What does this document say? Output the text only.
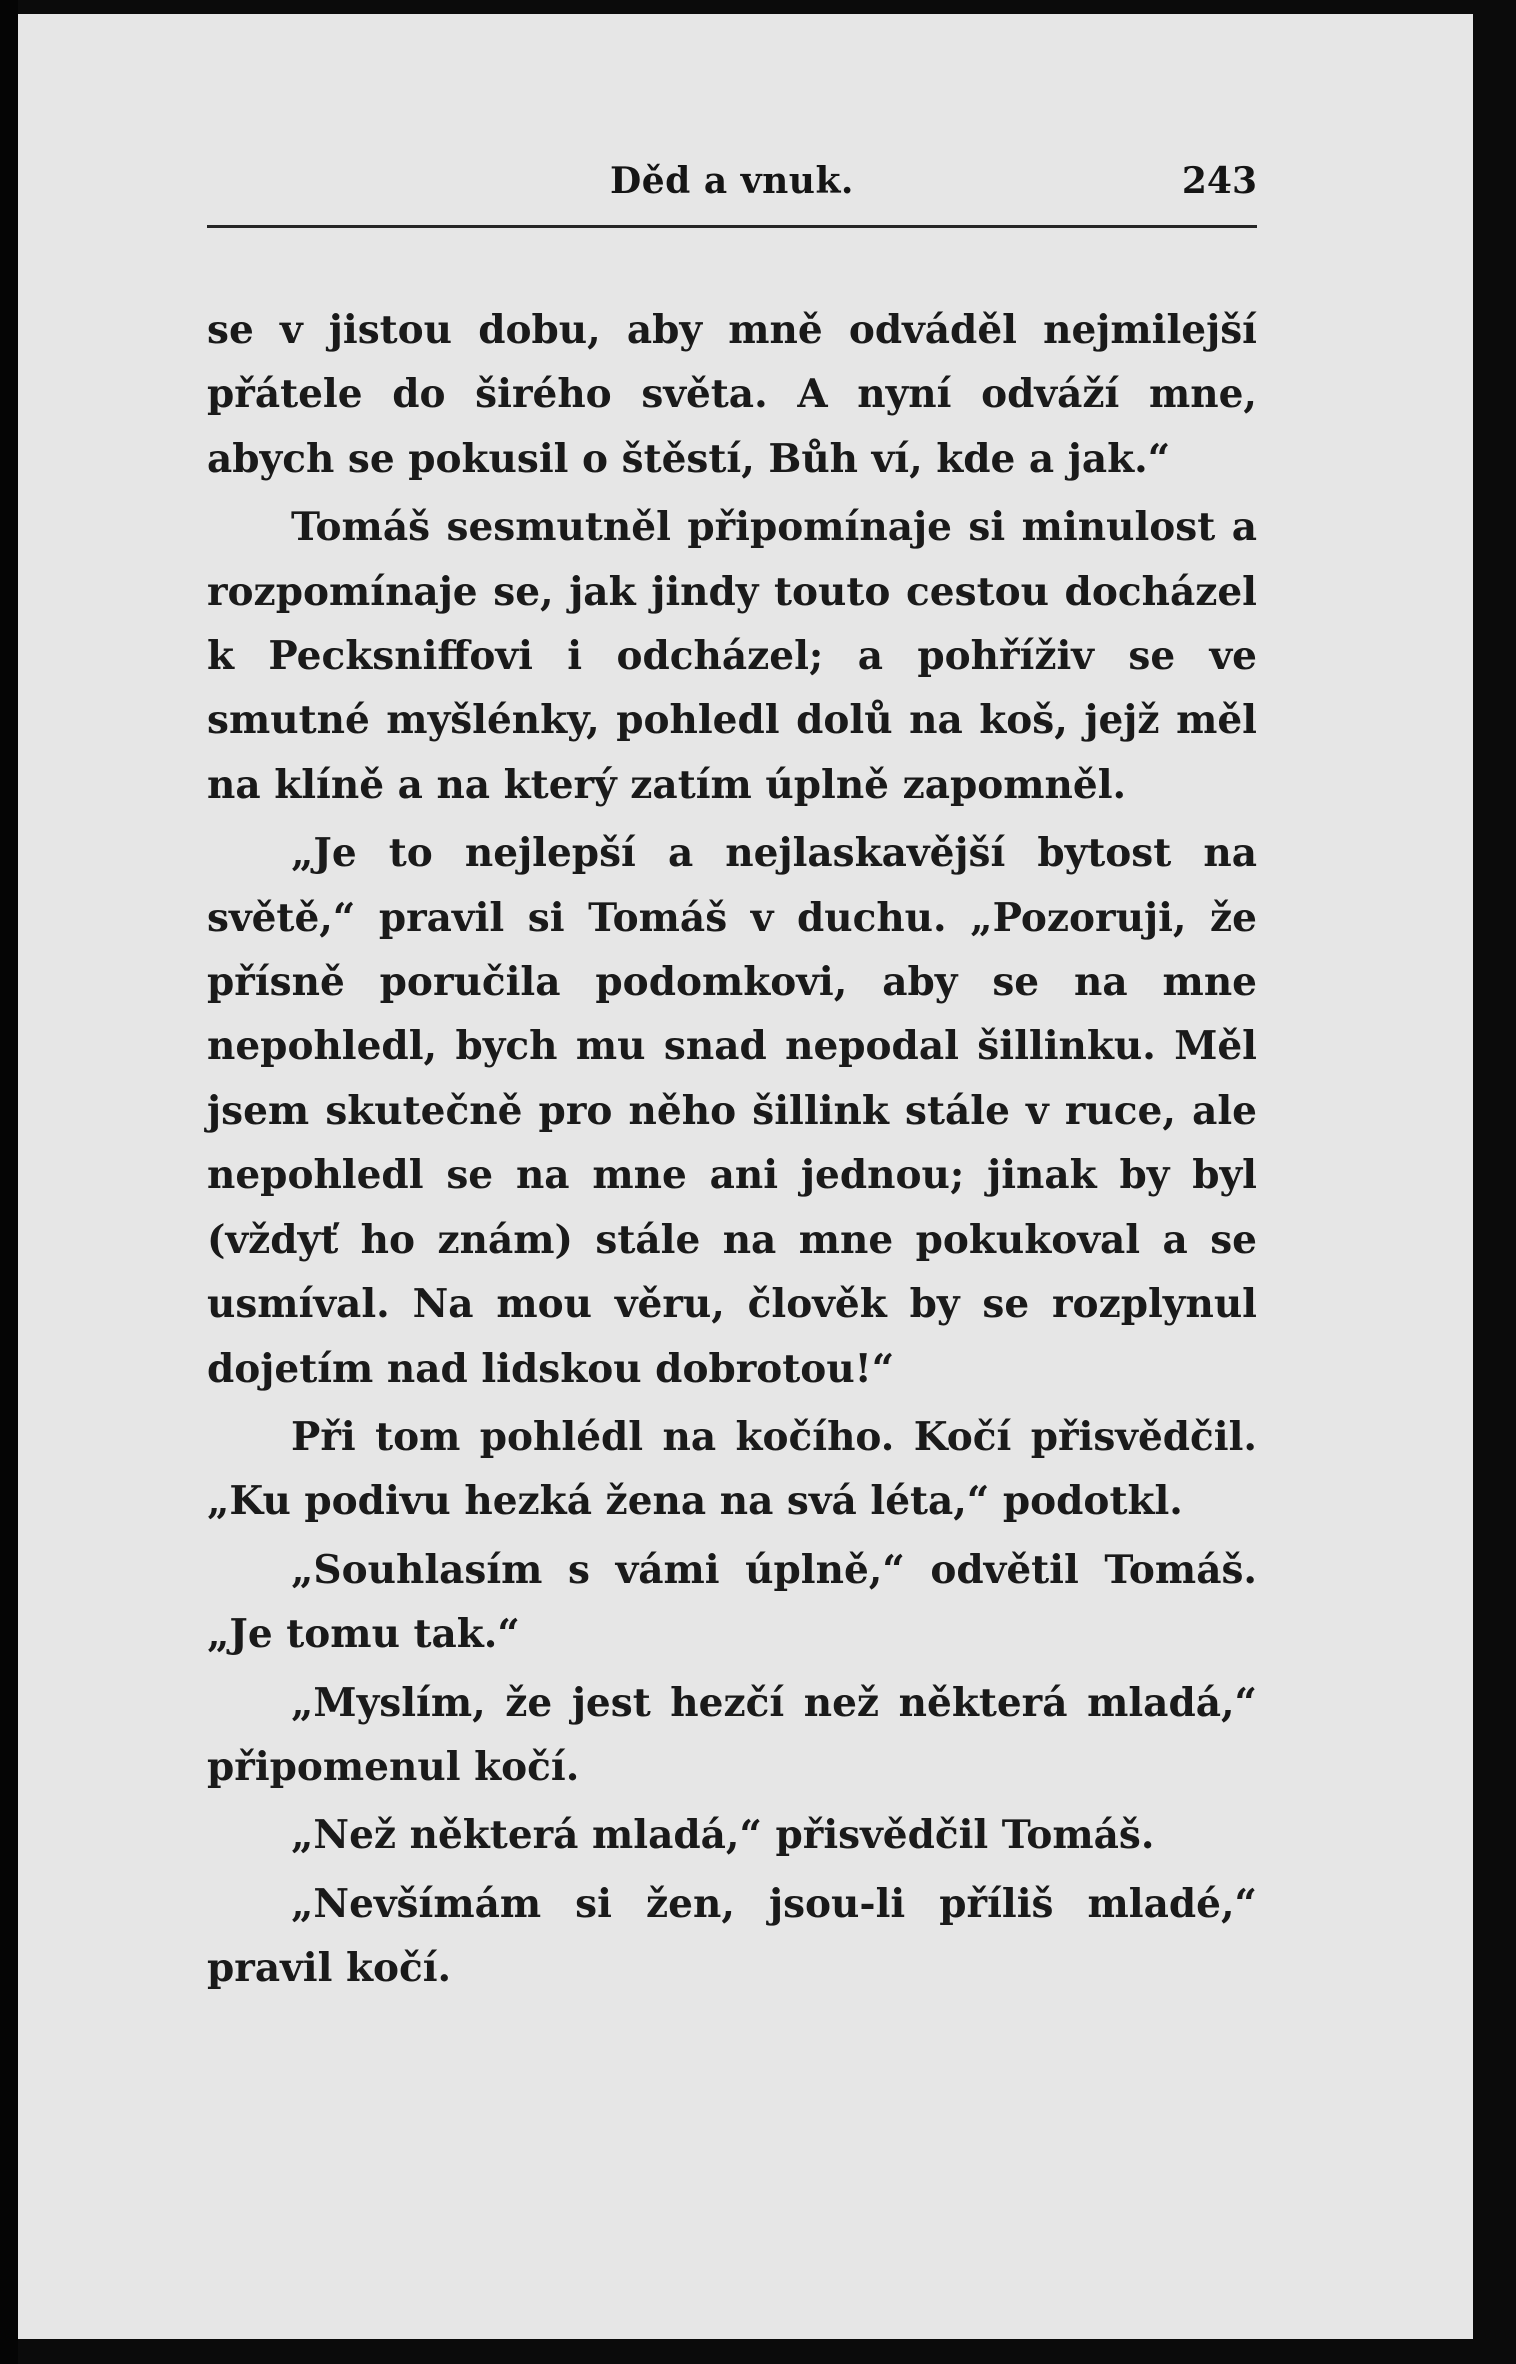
Děd a vnuk.	243

se v jistou dobu, aby mně odváděl nejmilejší přátele do širého světa. A nyní odváží mne, abych se pokusil o štěstí, Bůh ví, kde a jak.“

Tomáš sesmutněl připomínaje si minulost a rozpomínaje se, jak jindy touto cestou docházel k Pecksniffovi i odcházel; a pohříživ se ve smutné myšlénky, pohledl dolů na koš, jejž měl na klíně a na který zatím úplně zapomněl.

„Je to nejlepší a nejlaskavější bytost na světě,“ pravil si Tomáš v duchu. „Pozoruji, že přísně poručila podomkovi, aby se na mne nepohledl, bych mu snad nepodal šillinku. Měl jsem skutečně pro něho šillink stále v ruce, ale nepohledl se na mne ani jednou; jinak by byl (vždyť ho znám) stále na mne pokukoval a se usmíval. Na mou věru, člověk by se rozplynul dojetím nad lidskou dobrotou!“

Při tom pohlédl na kočího. Kočí přisvědčil. „Ku podivu hezká žena na svá léta,“ podotkl.

„Souhlasím s vámi úplně,“ odvětil Tomáš. „Je tomu tak.“

„Myslím, že jest hezčí než některá mladá,“ připomenul kočí.

„Než některá mladá,“ přisvědčil Tomáš.

„Nevšímám si žen, jsou-li příliš mladé,“ pravil kočí.
